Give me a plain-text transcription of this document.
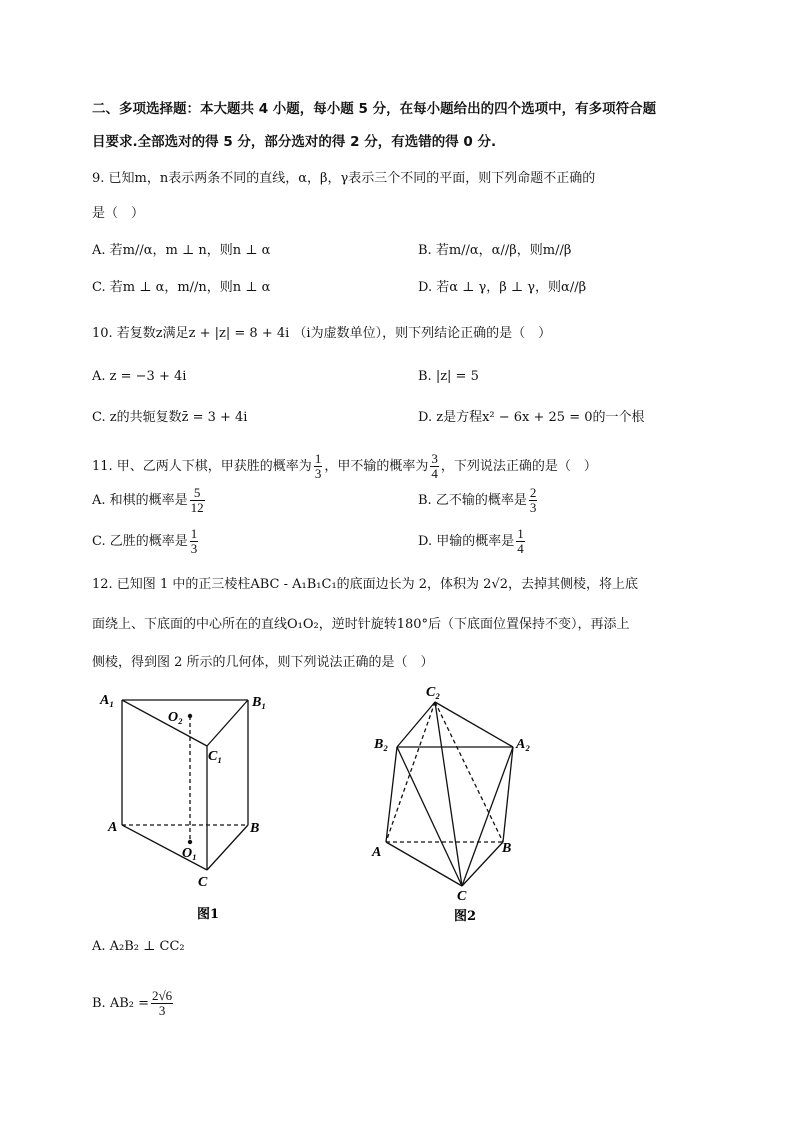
二、多项选择题：本大题共 4 小题，每小题 5 分，在每小题给出的四个选项中，有多项符合题
目要求.全部选对的得 5 分，部分选对的得 2 分，有选错的得 0 分.
9. 已知m，n表示两条不同的直线，α，β，γ表示三个不同的平面，则下列命题不正确的
是（　）
A. 若m//α，m ⊥ n，则n ⊥ α	B. 若m//α，α//β，则m//β
C. 若m ⊥ α，m//n，则n ⊥ α	D. 若α ⊥ γ，β ⊥ γ，则α//β
10. 若复数z满足z + |z| = 8 + 4i （i为虚数单位），则下列结论正确的是（　）
A. z = −3 + 4i	B. |z| = 5
C. z的共轭复数z̄ = 3 + 4i	D. z是方程x² − 6x + 25 = 0的一个根
11. 甲、乙两人下棋，甲获胜的概率为 $\frac{1}{3}$ ，甲不输的概率为 $\frac{3}{4}$ ，下列说法正确的是（　）
A. 和棋的概率是 $\frac{5}{12}$	B. 乙不输的概率是 $\frac{2}{3}$
C. 乙胜的概率是 $\frac{1}{3}$	D. 甲输的概率是 $\frac{1}{4}$
12. 已知图 1 中的正三棱柱ABC - A₁B₁C₁的底面边长为 2，体积为 2√2，去掉其侧棱，将上底
面绕上、下底面的中心所在的直线O₁O₂，逆时针旋转180°后（下底面位置保持不变），再添上
侧棱，得到图 2 所示的几何体，则下列说法正确的是（　）
A₁	B₁
O₂
C₁
A	B
O₁
C
图1
C₂
B₂	A₂
A	B
C
图2
A. A₂B₂ ⊥ CC₂
B. $AB_2 = \frac{2√6}{3}$
